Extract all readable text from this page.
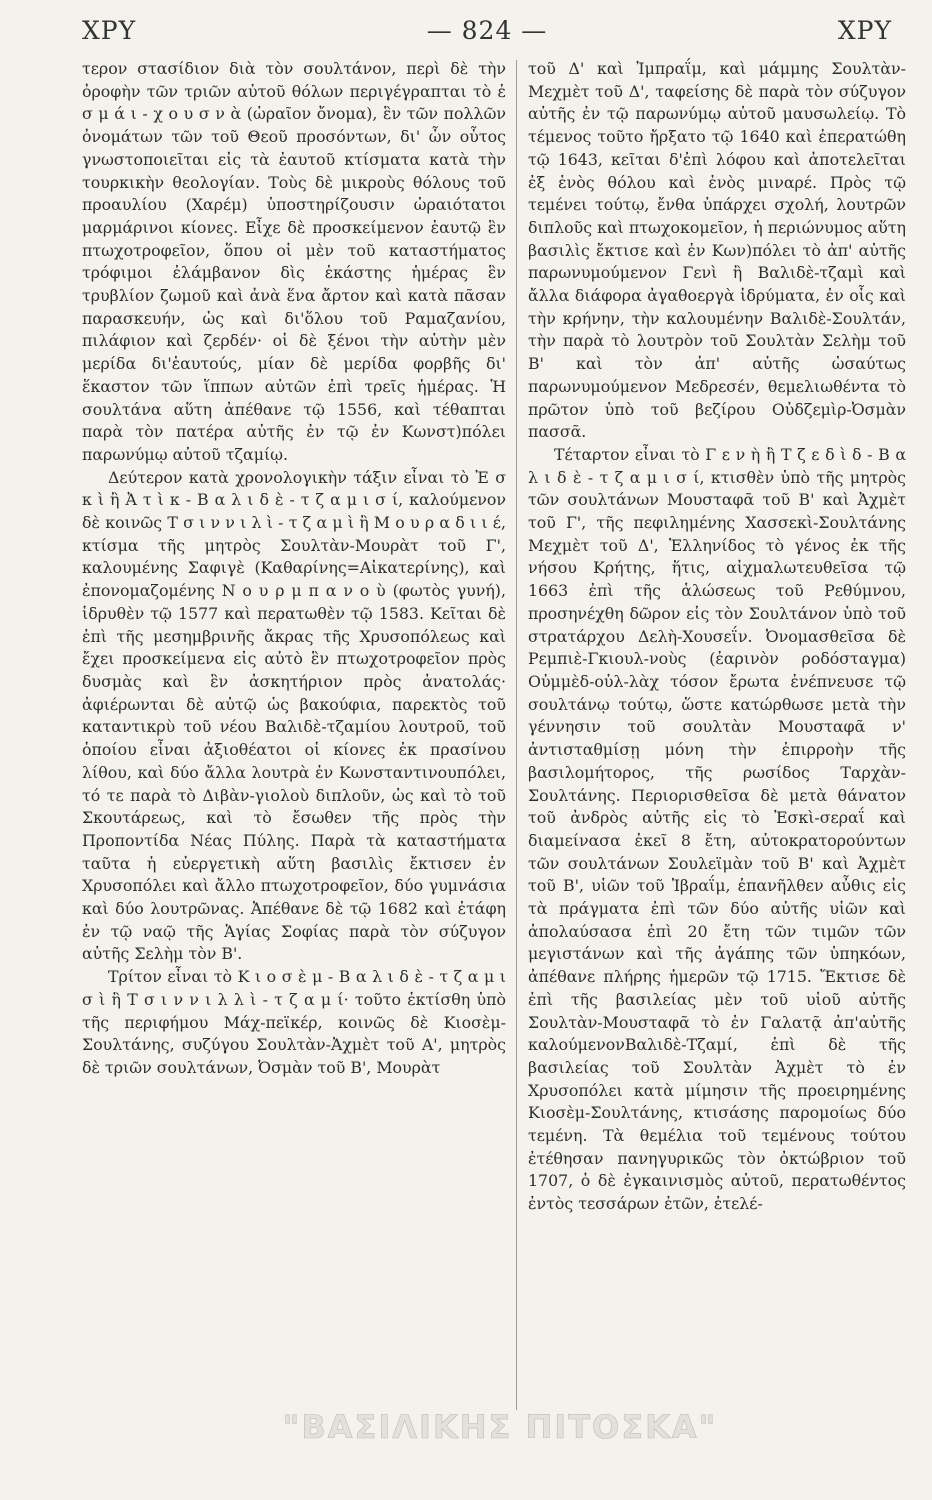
ΧΡΥ	— 824 —	ΧΡΥ

τερον στασίδιον διὰ τὸν σουλτάνον, περὶ δὲ τὴν ὀροφὴν τῶν τριῶν αὐτοῦ θόλων περιγέγραπται τὸ ἐ σ μ ά ι - χ ο υ σ ν ὰ (ὡραῖον ὄνομα), ἓν τῶν πολλῶν ὀνομάτων τῶν τοῦ Θεοῦ προσόντων, δι' ὧν οὗτος γνωστοποιεῖται εἰς τὰ ἑαυτοῦ κτίσματα κατὰ τὴν τουρκικὴν θεολογίαν. Τοὺς δὲ μικροὺς θόλους τοῦ προαυλίου (Χαρέμ) ὑποστηρίζουσιν ὡραιότατοι μαρμάρινοι κίονες. Εἶχε δὲ προσκείμενον ἑαυτῷ ἓν πτωχοτροφεῖον, ὅπου οἱ μὲν τοῦ καταστήματος τρόφιμοι ἐλάμβανον δὶς ἑκάστης ἡμέρας ἓν τρυβλίον ζωμοῦ καὶ ἀνὰ ἕνα ἄρτον καὶ κατὰ πᾶσαν παρασκευήν, ὡς καὶ δι'ὅλου τοῦ Ραμαζανίου, πιλάφιον καὶ ζερδέν· οἱ δὲ ξένοι τὴν αὐτὴν μὲν μερίδα δι'ἑαυτούς, μίαν δὲ μερίδα φορβῆς δι' ἕκαστον τῶν ἵππων αὐτῶν ἐπὶ τρεῖς ἡμέρας. Ἡ σουλτάνα αὕτη ἀπέθανε τῷ 1556, καὶ τέθαπται παρὰ τὸν πατέρα αὐτῆς ἐν τῷ ἐν Κωνστ)πόλει παρωνύμῳ αὐτοῦ τζαμίῳ.

Δεύτερον κατὰ χρονολογικὴν τάξιν εἶναι τὸ Ἐ σ κ ὶ ἢ Ἀ τ ὶ κ - Β α λ ι δ ὲ - τ ζ α μ ι σ ί, καλούμενον δὲ κοινῶς Τ σ ι ν ν ι λ ὶ - τ ζ α μ ὶ ἢ Μ ο υ ρ α δ ι ι έ, κτίσμα τῆς μητρὸς Σουλτὰν-Μουρὰτ τοῦ Γ', καλουμένης Σαφιγὲ (Καθαρίνης=Αἰκατερίνης), καὶ ἐπονομαζομένης Ν ο υ ρ μ π α ν ο ὺ (φωτὸς γυνή), ἱδρυθὲν τῷ 1577 καὶ περατωθὲν τῷ 1583. Κεῖται δὲ ἐπὶ τῆς μεσημβρινῆς ἄκρας τῆς Χρυσοπόλεως καὶ ἔχει προσκείμενα εἰς αὐτὸ ἓν πτωχοτροφεῖον πρὸς δυσμὰς καὶ ἓν ἀσκητήριον πρὸς ἀνατολάς· ἀφιέρωνται δὲ αὐτῷ ὡς βακούφια, παρεκτὸς τοῦ καταντικρὺ τοῦ νέου Βαλιδὲ-τζαμίου λουτροῦ, τοῦ ὁποίου εἶναι ἀξιοθέατοι οἱ κίονες ἐκ πρασίνου λίθου, καὶ δύο ἄλλα λουτρὰ ἐν Κωνσταντινουπόλει, τό τε παρὰ τὸ Διβὰν-γιολοὺ διπλοῦν, ὡς καὶ τὸ τοῦ Σκουτάρεως, καὶ τὸ ἔσωθεν τῆς πρὸς τὴν Προποντίδα Νέας Πύλης. Παρὰ τὰ καταστήματα ταῦτα ἡ εὐεργετικὴ αὕτη βασιλὶς ἔκτισεν ἐν Χρυσοπόλει καὶ ἄλλο πτωχοτροφεῖον, δύο γυμνάσια καὶ δύο λουτρῶνας. Ἀπέθανε δὲ τῷ 1682 καὶ ἐτάφη ἐν τῷ ναῷ τῆς Ἁγίας Σοφίας παρὰ τὸν σύζυγον αὐτῆς Σελὴμ τὸν Β'.

Τρίτον εἶναι τὸ Κ ι ο σ ὲ μ - Β α λ ι δ ὲ - τ ζ α μ ι σ ὶ ἢ Τ σ ι ν ν ι λ λ ὶ - τ ζ α μ ί· τοῦτο ἐκτίσθη ὑπὸ τῆς περιφήμου Μάχ-πεϊκέρ, κοινῶς δὲ Κιοσὲμ-Σουλτάνης, συζύγου Σουλτὰν-Ἀχμὲτ τοῦ Α', μητρὸς δὲ τριῶν σουλτάνων, Ὀσμὰν τοῦ Β', Μουρὰτ

τοῦ Δ' καὶ Ἰμπραΐμ, καὶ μάμμης Σουλτὰν-Μεχμὲτ τοῦ Δ', ταφείσης δὲ παρὰ τὸν σύζυγον αὐτῆς ἐν τῷ παρωνύμῳ αὐτοῦ μαυσωλείῳ. Τὸ τέμενος τοῦτο ἤρξατο τῷ 1640 καὶ ἐπερατώθη τῷ 1643, κεῖται δ'ἐπὶ λόφου καὶ ἀποτελεῖται ἐξ ἑνὸς θόλου καὶ ἑνὸς μιναρέ. Πρὸς τῷ τεμένει τούτῳ, ἔνθα ὑπάρχει σχολή, λουτρῶν διπλοῦς καὶ πτωχοκομεῖον, ἡ περιώνυμος αὕτη βασιλὶς ἔκτισε καὶ ἐν Κων)πόλει τὸ ἀπ' αὐτῆς παρωνυμούμενον Γενὶ ἢ Βαλιδὲ-τζαμὶ καὶ ἄλλα διάφορα ἀγαθοεργὰ ἱδρύματα, ἐν οἷς καὶ τὴν κρήνην, τὴν καλουμένην Βαλιδὲ-Σουλτάν, τὴν παρὰ τὸ λουτρὸν τοῦ Σουλτὰν Σελὴμ τοῦ Β' καὶ τὸν ἀπ' αὐτῆς ὡσαύτως παρωνυμούμενον Μεδρεσέν, θεμελιωθέντα τὸ πρῶτον ὑπὸ τοῦ βεζίρου Οὐδζεμὶρ-Ὀσμὰν πασσᾶ.

Τέταρτον εἶναι τὸ Γ ε ν ὴ ἢ Τ ζ ε δ ὶ δ - Β α λ ι δ ὲ - τ ζ α μ ι σ ί, κτισθὲν ὑπὸ τῆς μητρὸς τῶν σουλτάνων Μουσταφᾶ τοῦ Β' καὶ Ἀχμὲτ τοῦ Γ', τῆς πεφιλημένης Χασσεκὶ-Σουλτάνης Μεχμὲτ τοῦ Δ', Ἑλληνίδος τὸ γένος ἐκ τῆς νήσου Κρήτης, ἥτις, αἰχμαλωτευθεῖσα τῷ 1663 ἐπὶ τῆς ἁλώσεως τοῦ Ρεθύμνου, προσηνέχθη δῶρον εἰς τὸν Σουλτάνον ὑπὸ τοῦ στρατάρχου Δελὴ-Χουσεΐν. Ὀνομασθεῖσα δὲ Ρεμπιὲ-Γκιουλ-νοὺς (ἐαρινὸν ροδόσταγμα) Οὐμμὲδ-οὐλ-λὰχ τόσον ἔρωτα ἐνέπνευσε τῷ σουλτάνῳ τούτῳ, ὥστε κατώρθωσε μετὰ τὴν γέννησιν τοῦ σουλτὰν Μουσταφᾶ ν' ἀντισταθμίσῃ μόνη τὴν ἐπιρροὴν τῆς βασιλομήτορος, τῆς ρωσίδος Ταρχὰν-Σουλτάνης. Περιορισθεῖσα δὲ μετὰ θάνατον τοῦ ἀνδρὸς αὐτῆς εἰς τὸ Ἐσκὶ-σεραΐ καὶ διαμείνασα ἐκεῖ 8 ἔτη, αὐτοκρατορούντων τῶν σουλτάνων Σουλεϊμὰν τοῦ Β' καὶ Ἀχμὲτ τοῦ Β', υἱῶν τοῦ Ἰβραΐμ, ἐπανῆλθεν αὖθις εἰς τὰ πράγματα ἐπὶ τῶν δύο αὐτῆς υἱῶν καὶ ἀπολαύσασα ἐπὶ 20 ἔτη τῶν τιμῶν τῶν μεγιστάνων καὶ τῆς ἀγάπης τῶν ὑπηκόων, ἀπέθανε πλήρης ἡμερῶν τῷ 1715. Ἔκτισε δὲ ἐπὶ τῆς βασιλείας μὲν τοῦ υἱοῦ αὐτῆς Σουλτὰν-Μουσταφᾶ τὸ ἐν Γαλατᾷ ἀπ'αὐτῆς καλούμενονΒαλιδὲ-Τζαμί, ἐπὶ δὲ τῆς βασιλείας τοῦ Σουλτὰν Ἀχμὲτ τὸ ἐν Χρυσοπόλει κατὰ μίμησιν τῆς προειρημένης Κιοσὲμ-Σουλτάνης, κτισάσης παρομοίως δύο τεμένη. Τὰ θεμέλια τοῦ τεμένους τούτου ἐτέθησαν πανηγυρικῶς τὸν ὀκτώβριον τοῦ 1707, ὁ δὲ ἐγκαινισμὸς αὐτοῦ, περατωθέντος ἐντὸς τεσσάρων ἐτῶν, ἐτελέ-

"ΒΑΣΙΛΙΚΗΣ ΠΙΤΟΣΚΑ"
